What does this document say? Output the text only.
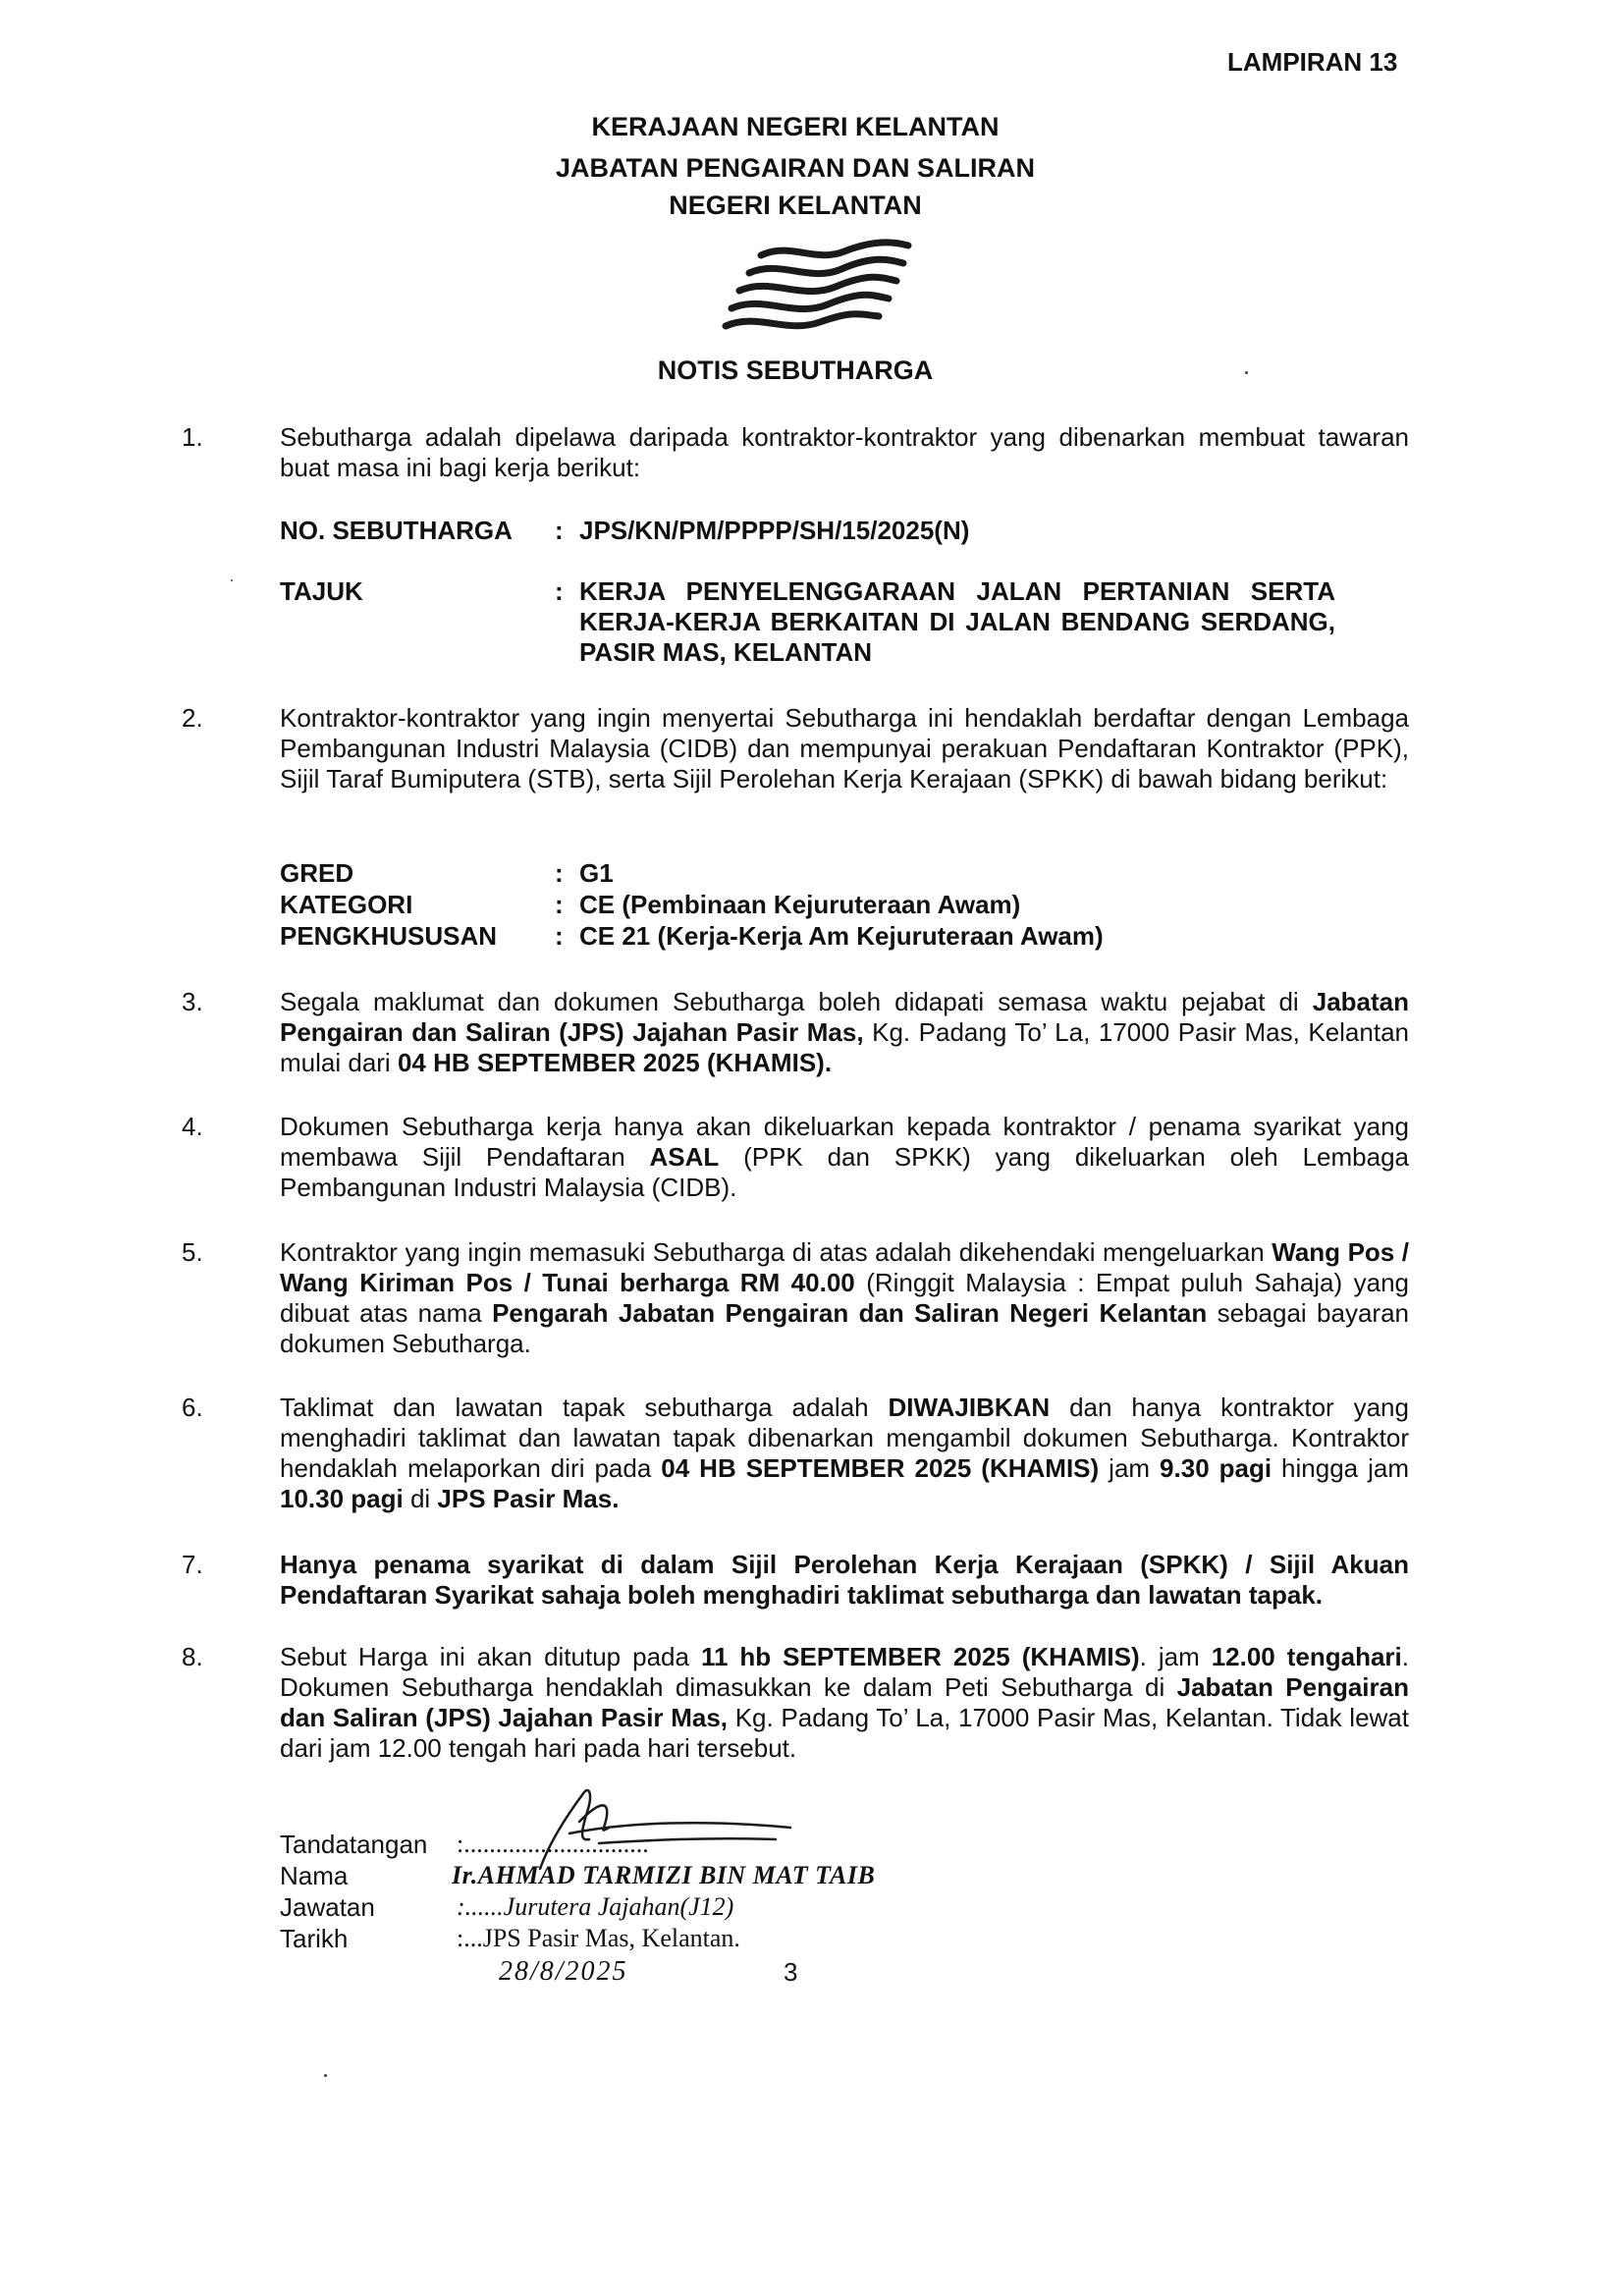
LAMPIRAN 13
KERAJAAN NEGERI KELANTAN
JABATAN PENGAIRAN DAN SALIRAN
NEGERI KELANTAN
NOTIS SEBUTHARGA
1.	Sebutharga adalah dipelawa daripada kontraktor-kontraktor yang dibenarkan membuat tawaran buat masa ini bagi kerja berikut:
NO. SEBUTHARGA	: JPS/KN/PM/PPPP/SH/15/2025(N)
TAJUK	: KERJA PENYELENGGARAAN JALAN PERTANIAN SERTA KERJA-KERJA BERKAITAN DI JALAN BENDANG SERDANG, PASIR MAS, KELANTAN
2.	Kontraktor-kontraktor yang ingin menyertai Sebutharga ini hendaklah berdaftar dengan Lembaga Pembangunan Industri Malaysia (CIDB) dan mempunyai perakuan Pendaftaran Kontraktor (PPK), Sijil Taraf Bumiputera (STB), serta Sijil Perolehan Kerja Kerajaan (SPKK) di bawah bidang berikut:
GRED	: G1
KATEGORI	: CE (Pembinaan Kejuruteraan Awam)
PENGKHUSUSAN	: CE 21 (Kerja-Kerja Am Kejuruteraan Awam)
3.	Segala maklumat dan dokumen Sebutharga boleh didapati semasa waktu pejabat di Jabatan Pengairan dan Saliran (JPS) Jajahan Pasir Mas, Kg. Padang To’ La, 17000 Pasir Mas, Kelantan mulai dari 04 HB SEPTEMBER 2025 (KHAMIS).
4.	Dokumen Sebutharga kerja hanya akan dikeluarkan kepada kontraktor / penama syarikat yang membawa Sijil Pendaftaran ASAL (PPK dan SPKK) yang dikeluarkan oleh Lembaga Pembangunan Industri Malaysia (CIDB).
5.	Kontraktor yang ingin memasuki Sebutharga di atas adalah dikehendaki mengeluarkan Wang Pos / Wang Kiriman Pos / Tunai berharga RM 40.00 (Ringgit Malaysia : Empat puluh Sahaja) yang dibuat atas nama Pengarah Jabatan Pengairan dan Saliran Negeri Kelantan sebagai bayaran dokumen Sebutharga.
6.	Taklimat dan lawatan tapak sebutharga adalah DIWAJIBKAN dan hanya kontraktor yang menghadiri taklimat dan lawatan tapak dibenarkan mengambil dokumen Sebutharga. Kontraktor hendaklah melaporkan diri pada 04 HB SEPTEMBER 2025 (KHAMIS) jam 9.30 pagi hingga jam 10.30 pagi di JPS Pasir Mas.
7.	Hanya penama syarikat di dalam Sijil Perolehan Kerja Kerajaan (SPKK) / Sijil Akuan Pendaftaran Syarikat sahaja boleh menghadiri taklimat sebutharga dan lawatan tapak.
8.	Sebut Harga ini akan ditutup pada 11 hb SEPTEMBER 2025 (KHAMIS). jam 12.00 tengahari. Dokumen Sebutharga hendaklah dimasukkan ke dalam Peti Sebutharga di Jabatan Pengairan dan Saliran (JPS) Jajahan Pasir Mas, Kg. Padang To’ La, 17000 Pasir Mas, Kelantan. Tidak lewat dari jam 12.00 tengah hari pada hari tersebut.
Tandatangan :.............................
Nama	Ir.AHMAD TARMIZI BIN MAT TAIB
Jawatan	:......Jurutera Jajahan(J12)
Tarikh	:...JPS Pasir Mas, Kelantan.
28/8/2025	3
